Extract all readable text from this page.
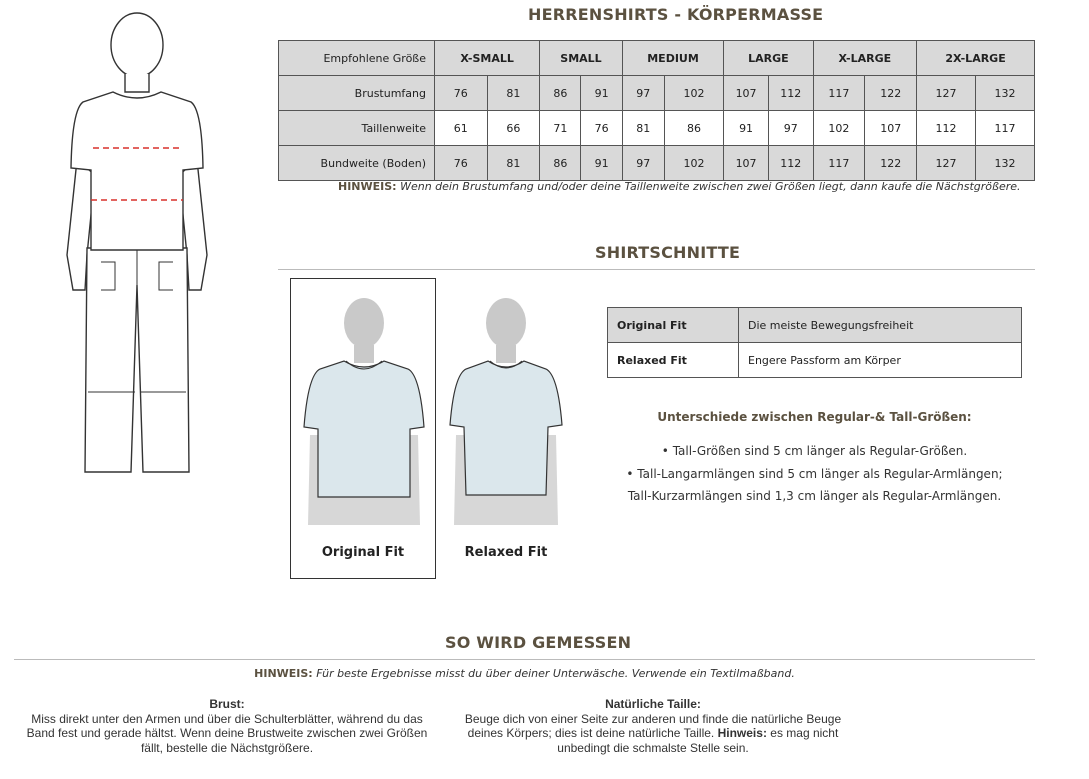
HERRENSHIRTS - KÖRPERMASSE
Empfohlene Größe	X-SMALL		SMALL		MEDIUM		LARGE		X-LARGE		2X-LARGE	
Brustumfang	76	81	86	91	97	102	107	112	117	122	127	132
Taillenweite	61	66	71	76	81	86	91	97	102	107	112	117
Bundweite (Boden)	76	81	86	91	97	102	107	112	117	122	127	132
HINWEIS: Wenn dein Brustumfang und/oder deine Taillenweite zwischen zwei Größen liegt, dann kaufe die Nächstgrößere.
SHIRTSCHNITTE
Original Fit	Relaxed Fit
Original Fit	Die meiste Bewegungsfreiheit
Relaxed Fit	Engere Passform am Körper
Unterschiede zwischen Regular-& Tall-Größen:
• Tall-Größen sind 5 cm länger als Regular-Größen.
• Tall-Langarmlängen sind 5 cm länger als Regular-Armlängen;
Tall-Kurzarmlängen sind 1,3 cm länger als Regular-Armlängen.
SO WIRD GEMESSEN
HINWEIS: Für beste Ergebnisse misst du über deiner Unterwäsche. Verwende ein Textilmaßband.
Brust:
Miss direkt unter den Armen und über die Schulterblätter, während du das
Band fest und gerade hältst. Wenn deine Brustweite zwischen zwei Größen
fällt, bestelle die Nächstgrößere.
Natürliche Taille:
Beuge dich von einer Seite zur anderen und finde die natürliche Beuge
deines Körpers; dies ist deine natürliche Taille. Hinweis: es mag nicht
unbedingt die schmalste Stelle sein.
